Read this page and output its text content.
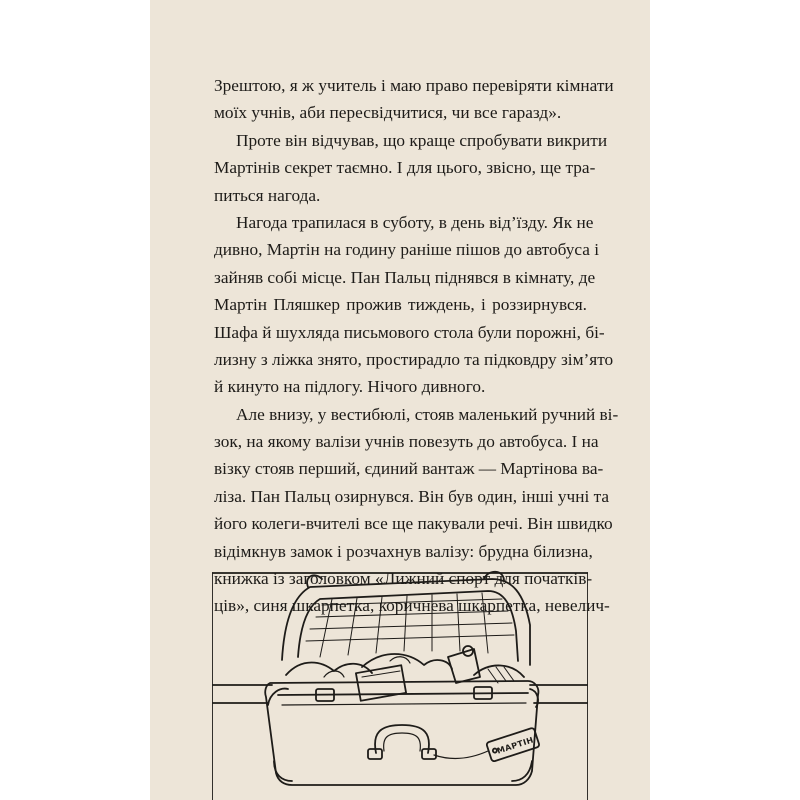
Зрештою, я ж учитель і маю право перевіряти кімнати
моїх учнів, аби пересвідчитися, чи все гаразд».
Проте він відчував, що краще спробувати викрити
Мартінів секрет таємно. І для цього, звісно, ще тра-
питься нагода.
Нагода трапилася в суботу, в день від’їзду. Як не
дивно, Мартін на годину раніше пішов до автобуса і
зайняв собі місце. Пан Пальц піднявся в кімнату, де
Мартін Пляшкер прожив тиждень, і роззирнувся.
Шафа й шухляда письмового стола були порожні, бі-
лизну з ліжка знято, простирадло та підковдру зім’ято
й кинуто на підлогу. Нічого дивного.
Але внизу, у вестибюлі, стояв маленький ручний ві-
зок, на якому валізи учнів повезуть до автобуса. І на
візку стояв перший, єдиний вантаж — Мартінова ва-
ліза. Пан Пальц озирнувся. Він був один, інші учні та
його колеги-вчителі все ще пакували речі. Він швидко
відімкнув замок і розчахнув валізу: брудна білизна,
книжка із заголовком «Лижний спорт для початків-
ців», синя шкарпетка, коричнева шкарпетка, невелич-
МАРТІН
